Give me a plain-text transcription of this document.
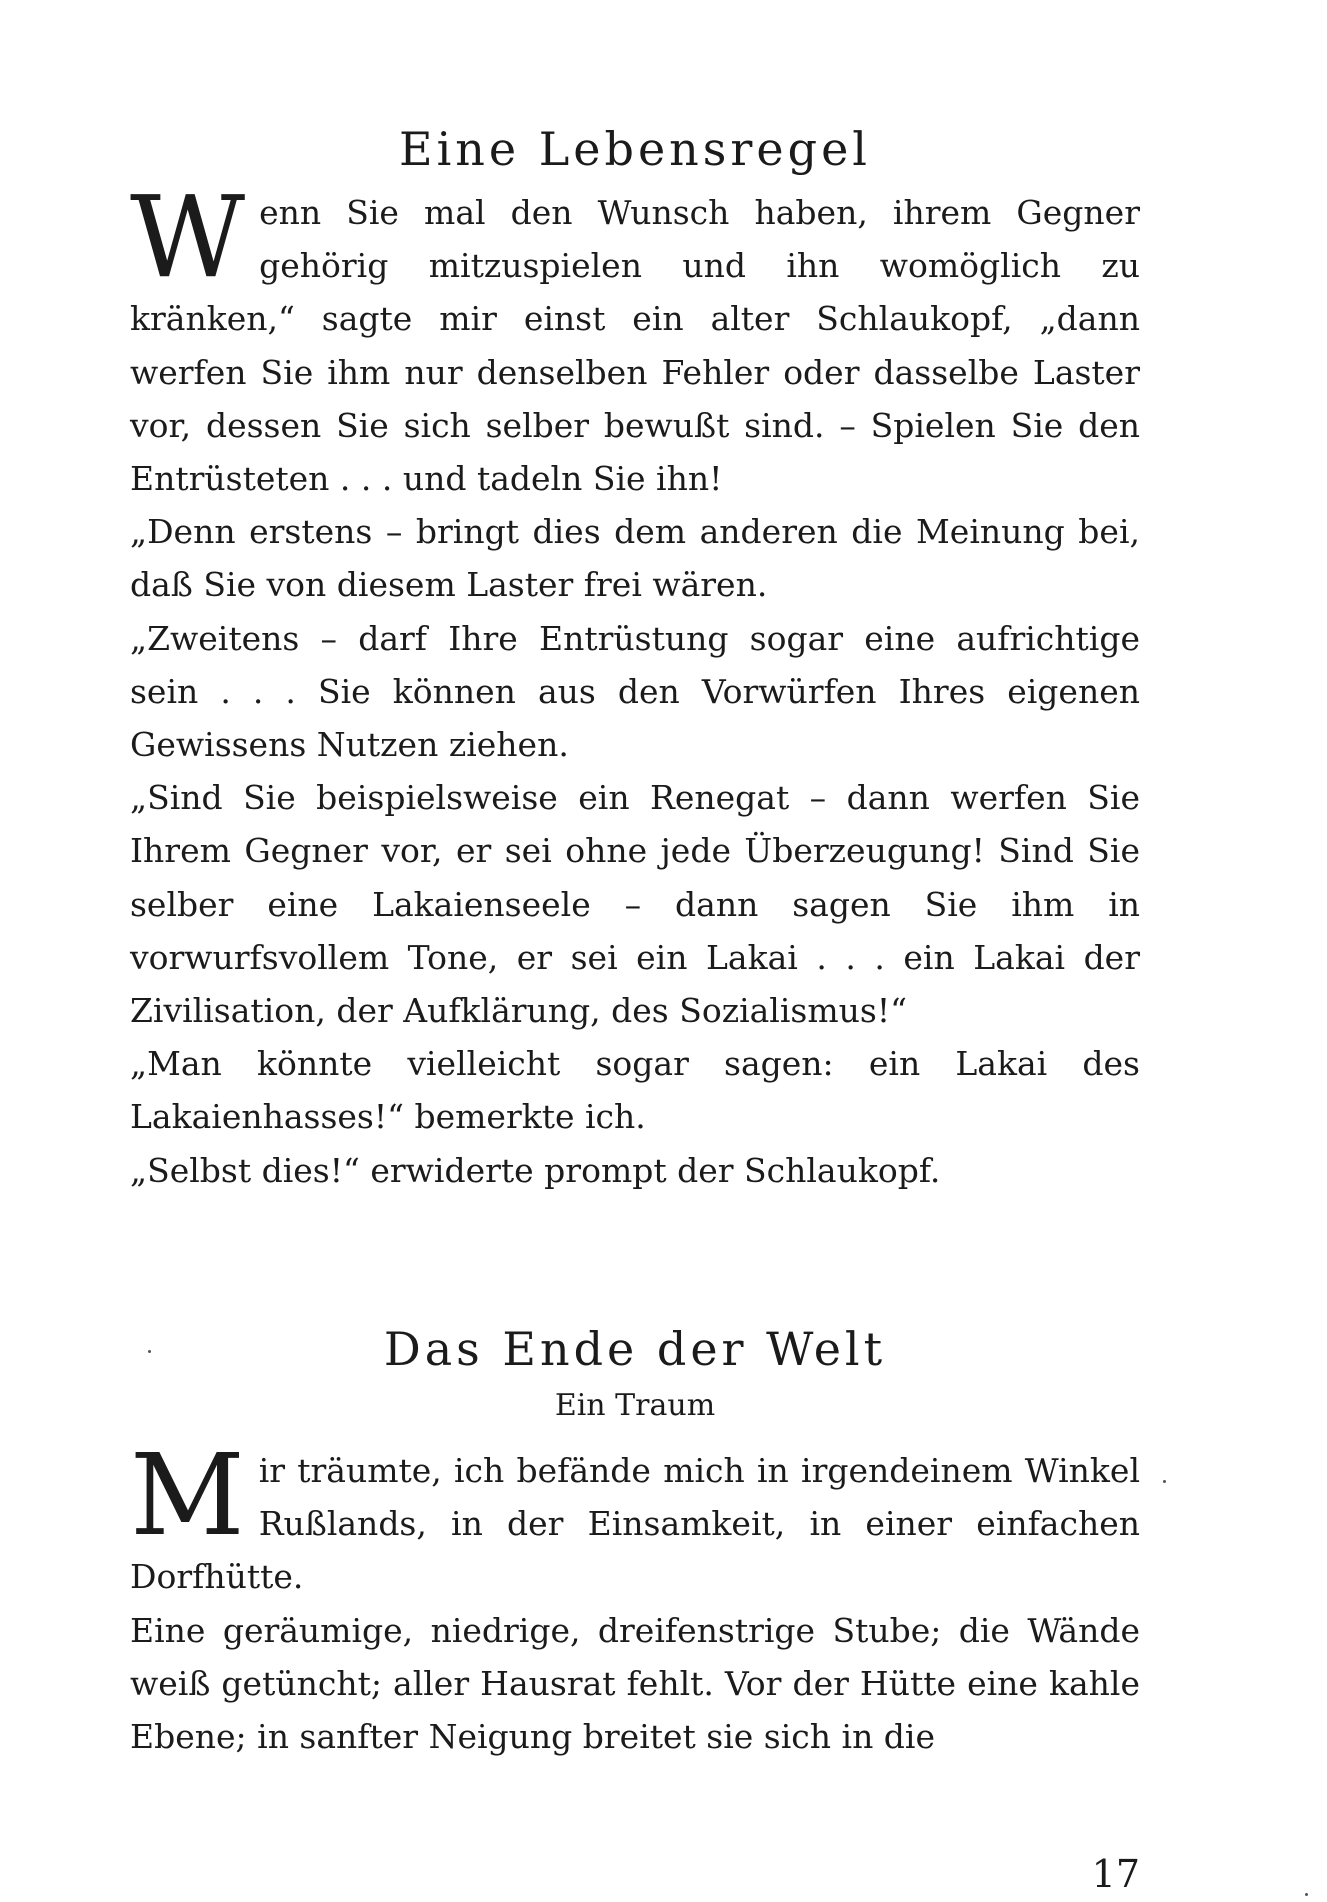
Eine Lebensregel

Wenn Sie mal den Wunsch haben, ihrem Gegner gehörig mitzuspielen und ihn womöglich zu kränken,“ sagte mir einst ein alter Schlaukopf, „dann werfen Sie ihm nur denselben Fehler oder dasselbe Laster vor, dessen Sie sich selber bewußt sind. – Spielen Sie den Entrüsteten . . . und tadeln Sie ihn!

„Denn erstens – bringt dies dem anderen die Meinung bei, daß Sie von diesem Laster frei wären.

„Zweitens – darf Ihre Entrüstung sogar eine aufrichtige sein . . . Sie können aus den Vorwürfen Ihres eigenen Gewissens Nutzen ziehen.

„Sind Sie beispielsweise ein Renegat – dann werfen Sie Ihrem Gegner vor, er sei ohne jede Überzeugung! Sind Sie selber eine Lakaienseele – dann sagen Sie ihm in vorwurfsvollem Tone, er sei ein Lakai . . . ein Lakai der Zivilisation, der Aufklärung, des Sozialismus!“

„Man könnte vielleicht sogar sagen: ein Lakai des Lakaienhasses!“ bemerkte ich.

„Selbst dies!“ erwiderte prompt der Schlaukopf.

Das Ende der Welt
Ein Traum

Mir träumte, ich befände mich in irgendeinem Winkel Rußlands, in der Einsamkeit, in einer einfachen Dorfhütte.

Eine geräumige, niedrige, dreifenstrige Stube; die Wände weiß getüncht; aller Hausrat fehlt. Vor der Hütte eine kahle Ebene; in sanfter Neigung breitet sie sich in die

17
